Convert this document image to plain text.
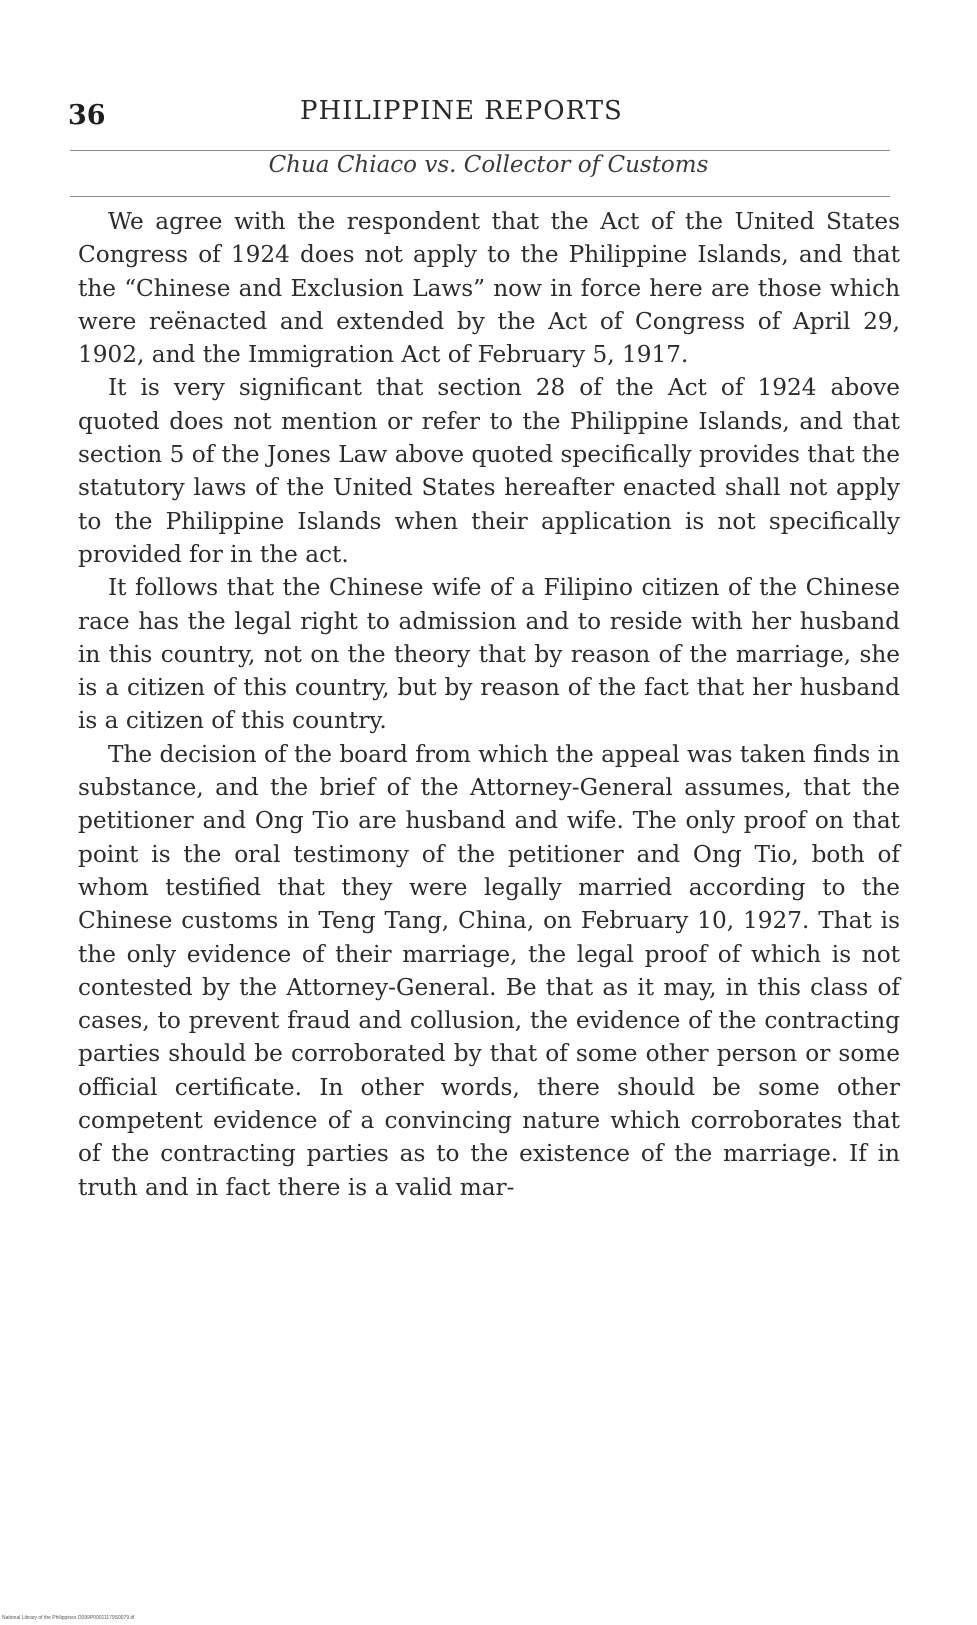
36	PHILIPPINE REPORTS
Chua Chiaco vs. Collector of Customs

We agree with the respondent that the Act of the United States Congress of 1924 does not apply to the Philippine Islands, and that the “Chinese and Exclusion Laws” now in force here are those which were reënacted and extended by the Act of Congress of April 29, 1902, and the Immigration Act of February 5, 1917.

It is very significant that section 28 of the Act of 1924 above quoted does not mention or refer to the Philippine Islands, and that section 5 of the Jones Law above quoted specifically provides that the statutory laws of the United States hereafter enacted shall not apply to the Philippine Islands when their application is not specifically provided for in the act.

It follows that the Chinese wife of a Filipino citizen of the Chinese race has the legal right to admission and to reside with her husband in this country, not on the theory that by reason of the marriage, she is a citizen of this country, but by reason of the fact that her husband is a citizen of this country.

The decision of the board from which the appeal was taken finds in substance, and the brief of the Attorney-General assumes, that the petitioner and Ong Tio are husband and wife. The only proof on that point is the oral testimony of the petitioner and Ong Tio, both of whom testified that they were legally married according to the Chinese customs in Teng Tang, China, on February 10, 1927. That is the only evidence of their marriage, the legal proof of which is not contested by the Attorney-General. Be that as it may, in this class of cases, to prevent fraud and collusion, the evidence of the contracting parties should be corroborated by that of some other person or some official certificate. In other words, there should be some other competent evidence of a convincing nature which corroborates that of the contracting parties as to the existence of the marriage. If in truth and in fact there is a valid mar-

National Library of the Philippines D099P00011179S0079.tif
